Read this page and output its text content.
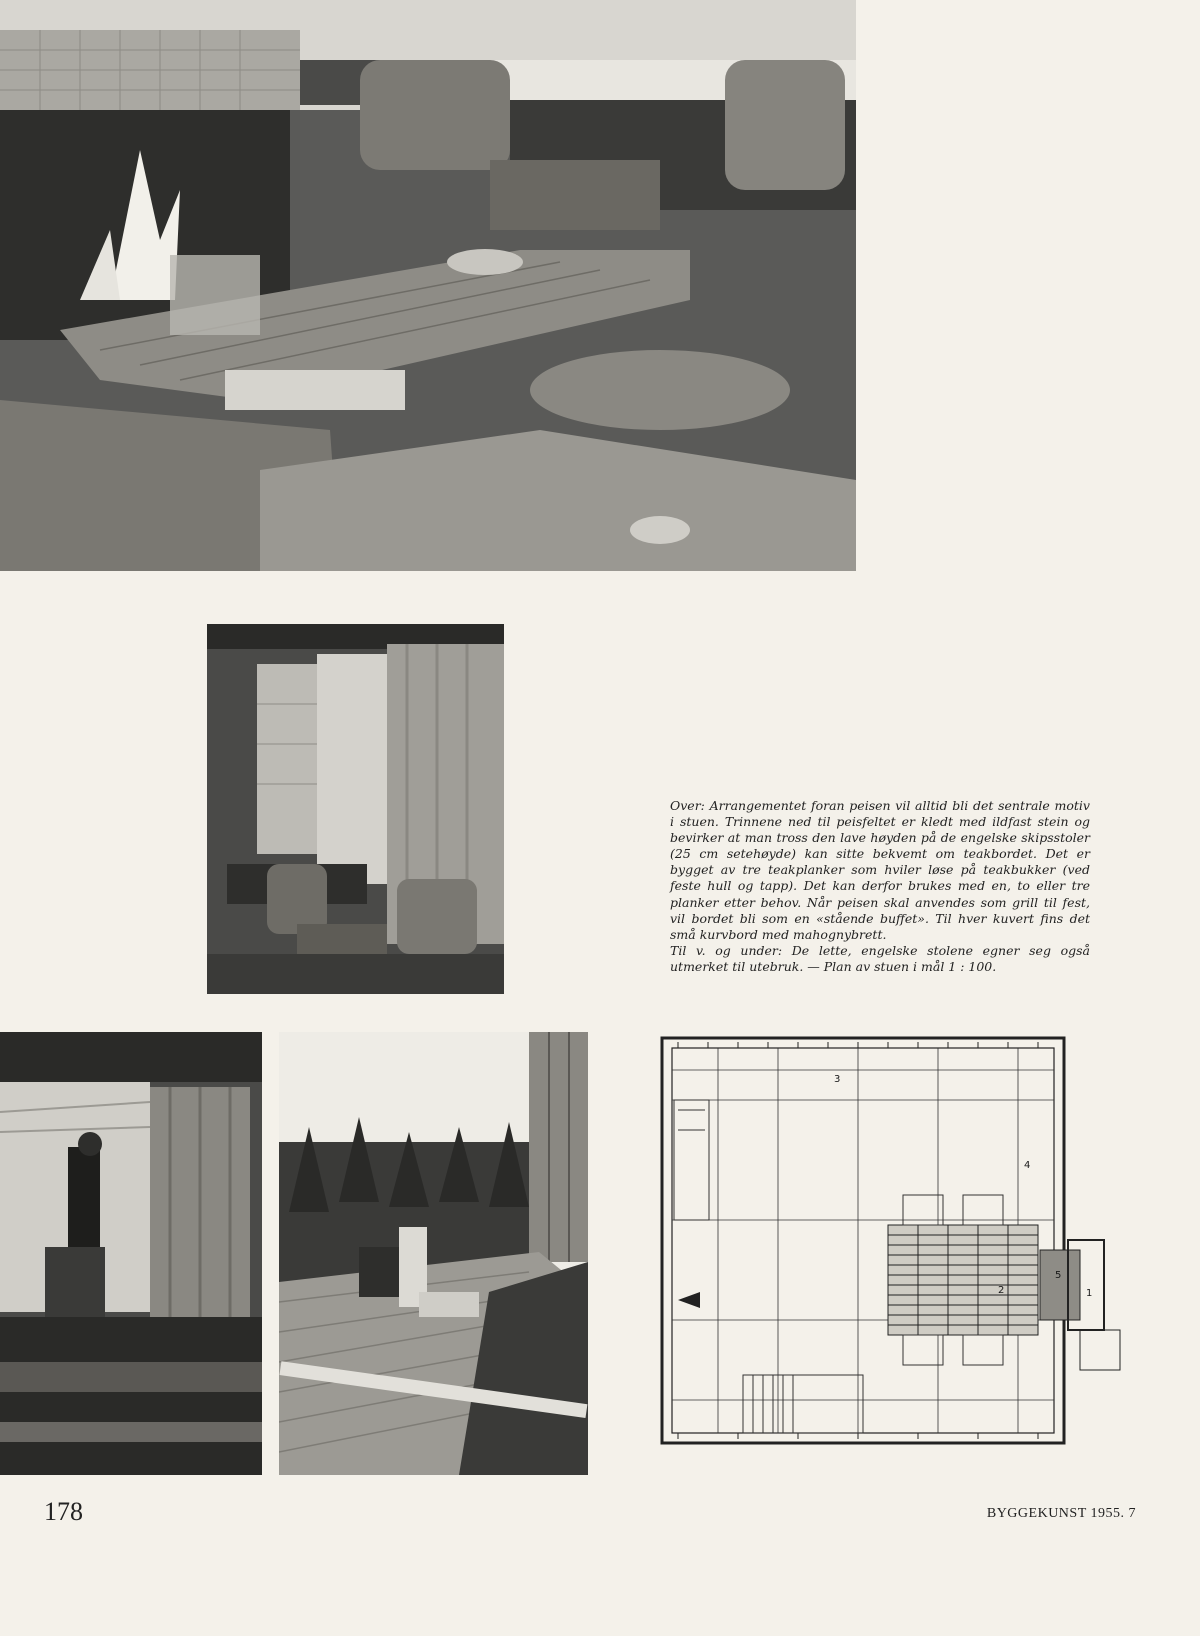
3
4
5
2	1

Over: Arrangementet foran peisen vil alltid bli det sentrale motiv i stuen. Trinnene ned til peisfeltet er kledt med ildfast stein og bevirker at man tross den lave høyden på de engelske skipsstoler (25 cm setehøyde) kan sitte bekvemt om teakbordet. Det er bygget av tre teakplanker som hviler løse på teakbukker (ved feste hull og tapp). Det kan derfor brukes med en, to eller tre planker etter behov. Når peisen skal anvendes som grill til fest, vil bordet bli som en «stående buffet». Til hver kuvert fins det små kurvbord med mahognybrett.

Til v. og under: De lette, engelske stolene egner seg også utmerket til utebruk. — Plan av stuen i mål 1 : 100.

178	BYGGEKUNST 1955. 7
